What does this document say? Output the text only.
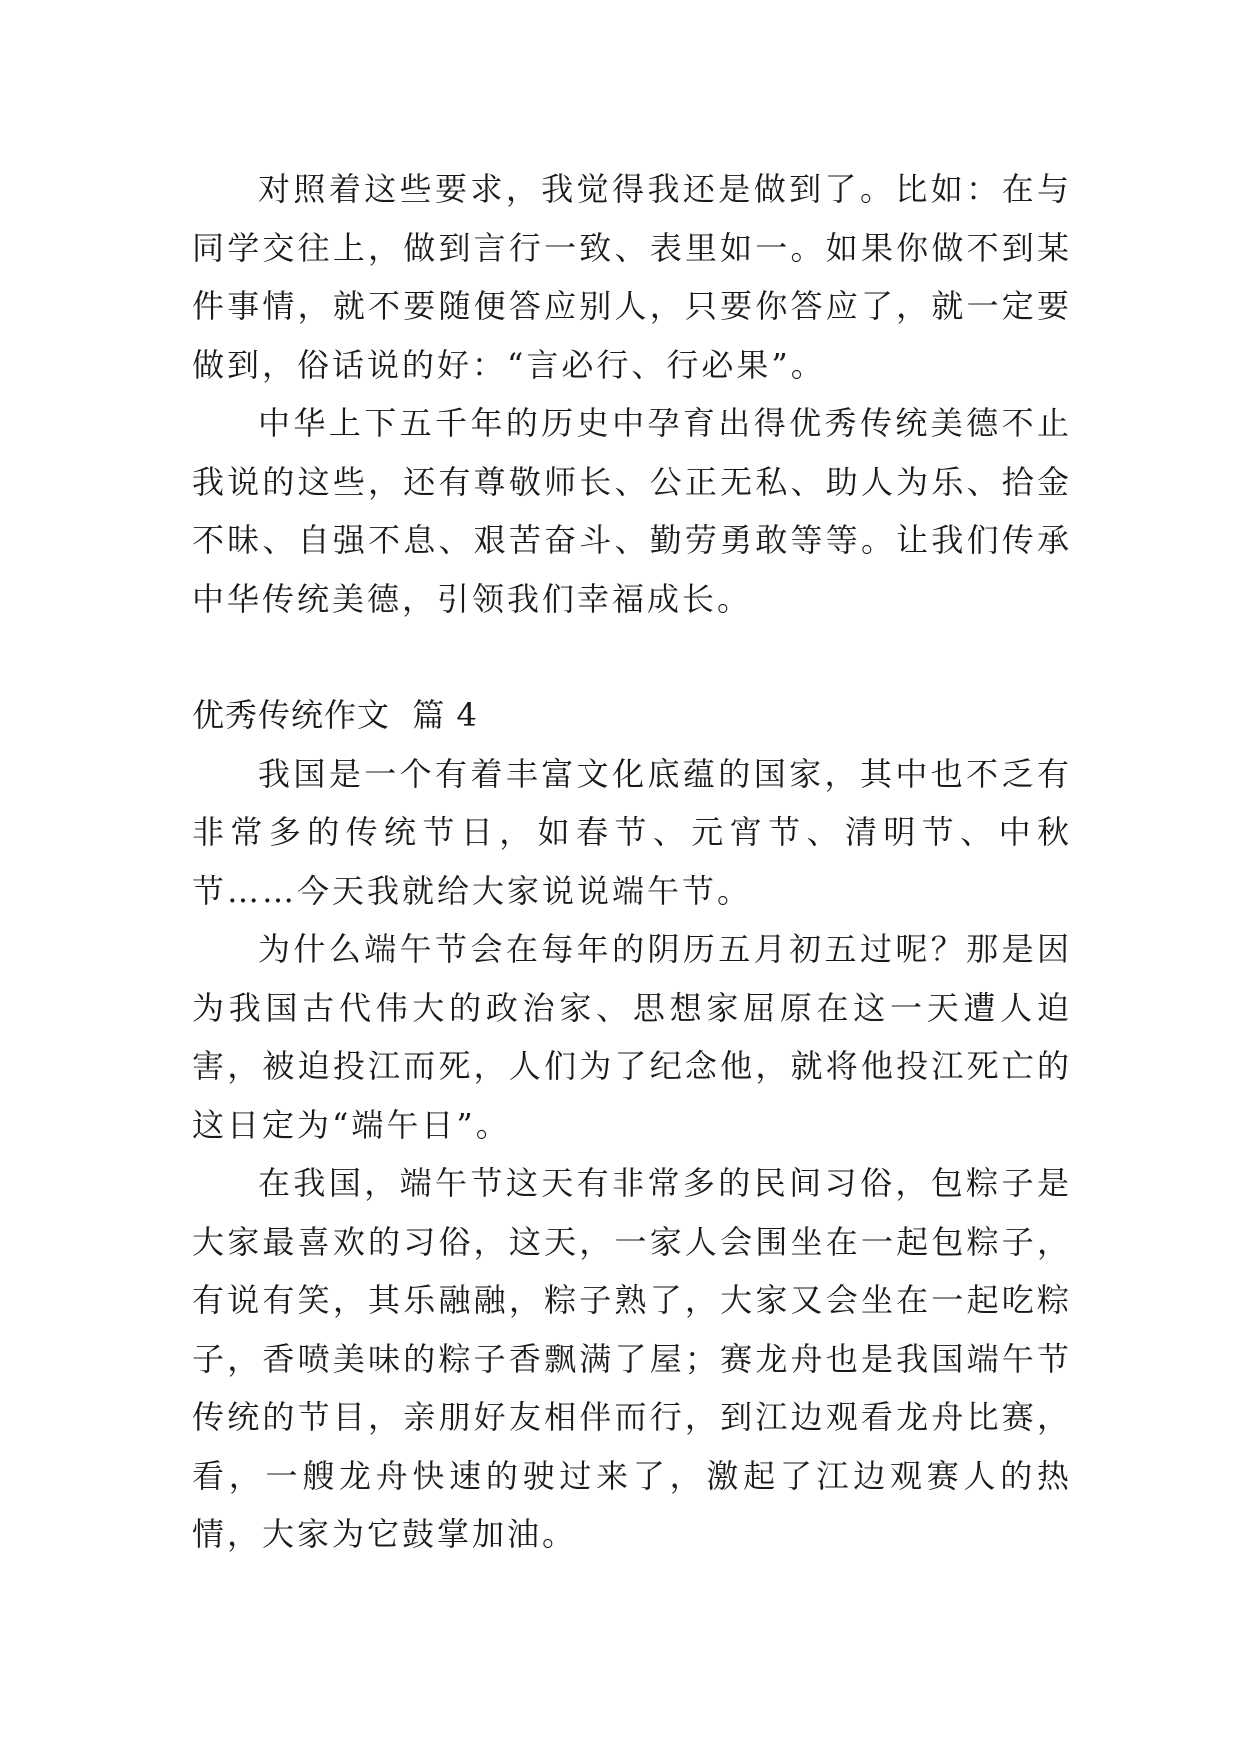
对照着这些要求，我觉得我还是做到了。比如：在与同学交往上，做到言行一致、表里如一。如果你做不到某件事情，就不要随便答应别人，只要你答应了，就一定要做到，俗话说的好：“言必行、行必果”。

中华上下五千年的历史中孕育出得优秀传统美德不止我说的这些，还有尊敬师长、公正无私、助人为乐、拾金不昧、自强不息、艰苦奋斗、勤劳勇敢等等。让我们传承中华传统美德，引领我们幸福成长。

优秀传统作文  篇 4

我国是一个有着丰富文化底蕴的国家，其中也不乏有非常多的传统节日，如春节、元宵节、清明节、中秋节……今天我就给大家说说端午节。

为什么端午节会在每年的阴历五月初五过呢？那是因为我国古代伟大的政治家、思想家屈原在这一天遭人迫害，被迫投江而死，人们为了纪念他，就将他投江死亡的这日定为“端午日”。

在我国，端午节这天有非常多的民间习俗，包粽子是大家最喜欢的习俗，这天，一家人会围坐在一起包粽子，有说有笑，其乐融融，粽子熟了，大家又会坐在一起吃粽子，香喷美味的粽子香飘满了屋；赛龙舟也是我国端午节传统的节目，亲朋好友相伴而行，到江边观看龙舟比赛，看，一艘龙舟快速的驶过来了，激起了江边观赛人的热情，大家为它鼓掌加油。
